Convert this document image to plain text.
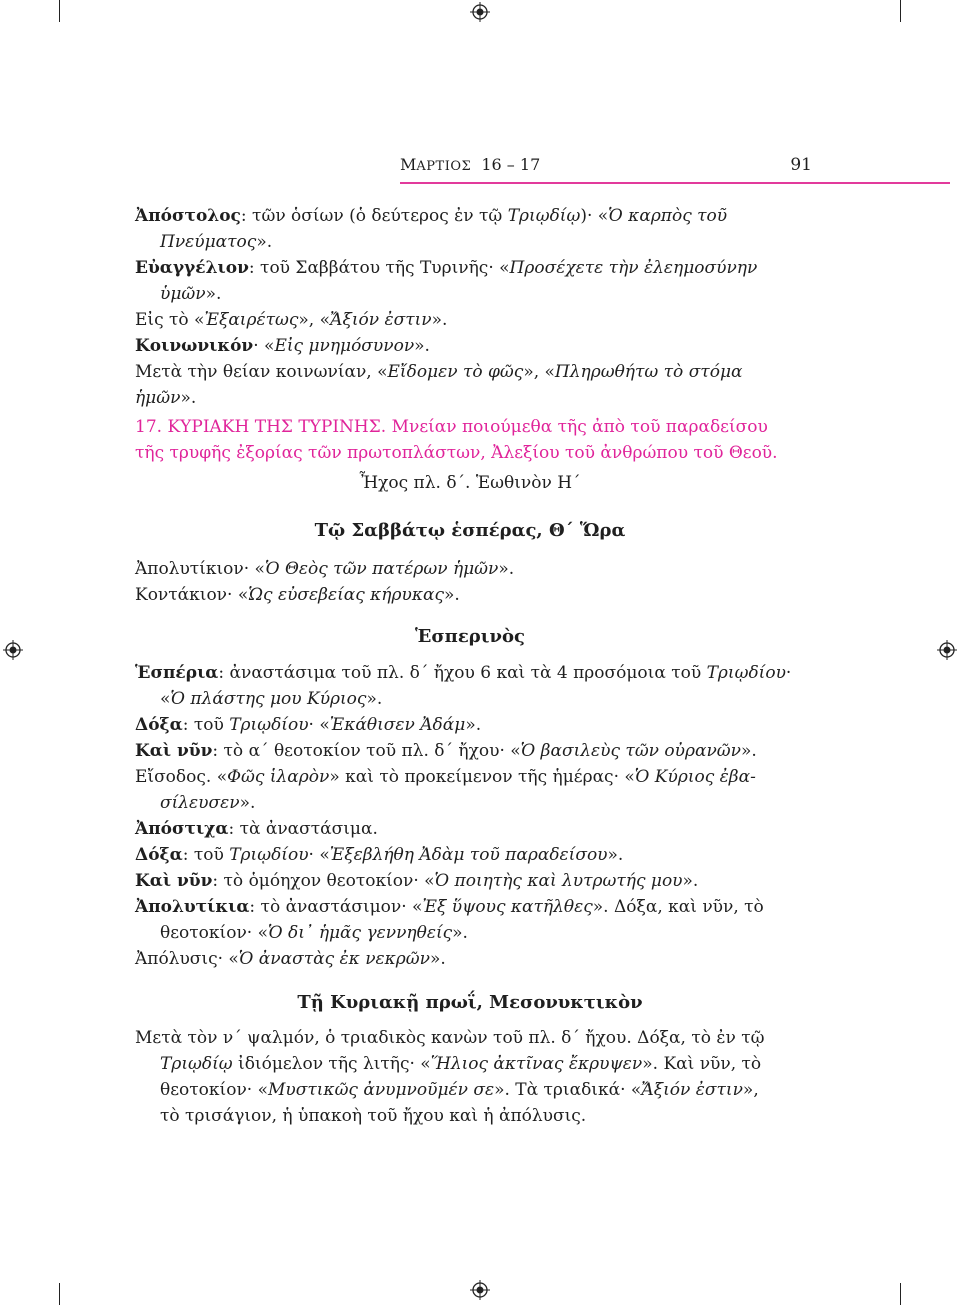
ΜΑΡΤΙΟΣ 16 – 17	91

Ἀπόστολος: τῶν ὁσίων (ὁ δεύτερος ἐν τῷ Τριῳδίῳ)· «Ὁ καρπὸς τοῦ

Πνεύματος».

Εὐαγγέλιον: τοῦ Σαββάτου τῆς Τυρινῆς· «Προσέχετε τὴν ἐλεημοσύνην

ὑμῶν».

Εἰς τὸ «Ἐξαιρέτως», «Ἄξιόν ἐστιν».

Κοινωνικόν· «Εἰς μνημόσυνον».

Μετὰ τὴν θείαν κοινωνίαν, «Εἴδομεν τὸ φῶς», «Πληρωθήτω τὸ στόμα ἡμῶν».

17. ΚΥΡΙΑΚΗ ΤΗΣ ΤΥΡΙΝΗΣ. Μνείαν ποιούμεθα τῆς ἀπὸ τοῦ παραδείσου

τῆς τρυφῆς ἐξορίας τῶν πρωτοπλάστων, Ἀλεξίου τοῦ ἀνθρώπου τοῦ Θεοῦ.

Ἦχος πλ. δ΄. Ἑωθινὸν Η΄
Τῷ Σαββάτῳ ἑσπέρας, Θ΄ Ὥρα

Ἀπολυτίκιον· «Ὁ Θεὸς τῶν πατέρων ἡμῶν».

Κοντάκιον· «Ὡς εὐσεβείας κήρυκας».

Ἑσπερινὸς

Ἑσπέρια: ἀναστάσιμα τοῦ πλ. δ΄ ἤχου 6 καὶ τὰ 4 προσόμοια τοῦ Τριῳδίου·

«Ὁ πλάστης μου Κύριος».

Δόξα: τοῦ Τριῳδίου· «Ἐκάθισεν Ἀδάμ».

Καὶ νῦν: τὸ α΄ θεοτοκίον τοῦ πλ. δ΄ ἤχου· «Ὁ βασιλεὺς τῶν οὐρανῶν».

Εἴσοδος. «Φῶς ἱλαρὸν» καὶ τὸ προκείμενον τῆς ἡμέρας· «Ὁ Κύριος ἐβα-

σίλευσεν».

Ἀπόστιχα: τὰ ἀναστάσιμα.

Δόξα: τοῦ Τριῳδίου· «Ἐξεβλήθη Ἀδὰμ τοῦ παραδείσου».

Καὶ νῦν: τὸ ὁμόηχον θεοτοκίον· «Ὁ ποιητὴς καὶ λυτρωτής μου».

Ἀπολυτίκια: τὸ ἀναστάσιμον· «Ἐξ ὕψους κατῆλθες». Δόξα, καὶ νῦν, τὸ

θεοτοκίον· «Ὁ δι᾽ ἡμᾶς γεννηθείς».

Ἀπόλυσις· «Ὁ ἀναστὰς ἐκ νεκρῶν».

Τῇ Κυριακῇ πρωΐ, Μεσονυκτικὸν

Μετὰ τὸν ν΄ ψαλμόν, ὁ τριαδικὸς κανὼν τοῦ πλ. δ΄ ἤχου. Δόξα, τὸ ἐν τῷ

Τριῳδίῳ ἰδιόμελον τῆς λιτῆς· «Ἥλιος ἀκτῖνας ἔκρυψεν». Καὶ νῦν, τὸ

θεοτοκίον· «Μυστικῶς ἀνυμνοῦμέν σε». Τὰ τριαδικά· «Ἄξιόν ἐστιν»,

τὸ τρισάγιον, ἡ ὑπακοὴ τοῦ ἤχου καὶ ἡ ἀπόλυσις.
